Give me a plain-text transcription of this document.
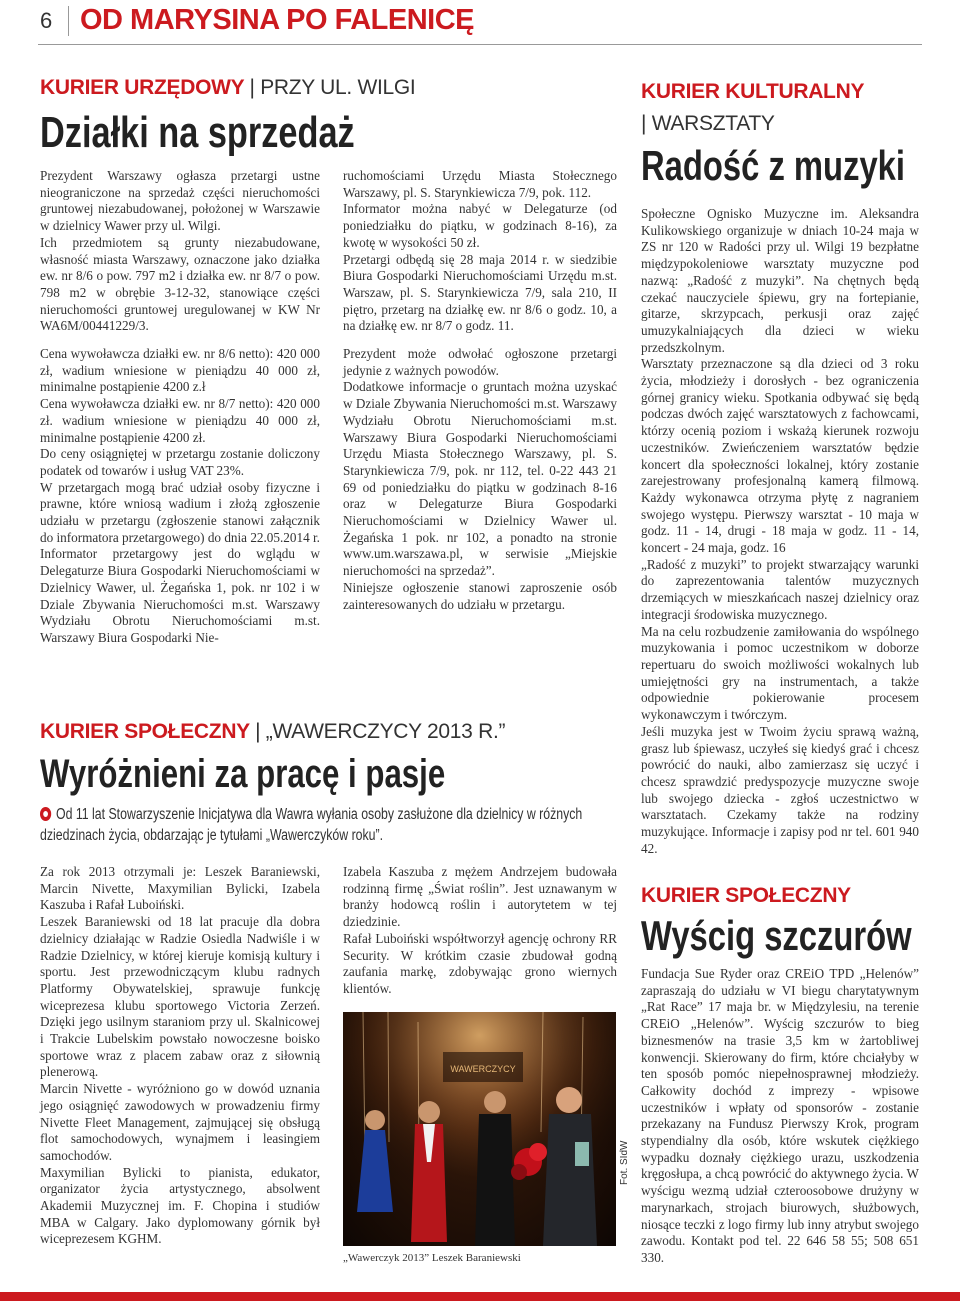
6 OD MARYSINA PO FALENICĘ
KURIER URZĘDOWY | PRZY UL. WILGI
Działki na sprzedaż

Prezydent Warszawy ogłasza przetargi ustne nieograniczone na sprzedaż części nieruchomości gruntowej niezabudowanej, położonej w Warszawie w dzielnicy Wawer przy ul. Wilgi.

Ich przedmiotem są grunty niezabudowane, własność miasta Warszawy, oznaczone jako działka ew. nr 8/6 o pow. 797 m2 i działka ew. nr 8/7 o pow. 798 m2 w obrębie 3-12-32, stanowiące części nieruchomości gruntowej uregulowanej w KW Nr WA6M/00441229/3.

Cena wywoławcza działki ew. nr 8/6 netto): 420 000 zł, wadium wniesione w pieniądzu 40 000 zł, minimalne postąpienie 4200 z.ł

Cena wywoławcza działki ew. nr 8/7 netto): 420 000 zł. wadium wniesione w pieniądzu 40 000 zł, minimalne postąpienie 4200 zł.

Do ceny osiągniętej w przetargu zostanie doliczony podatek od towarów i usług VAT 23%.

W przetargach mogą brać udział osoby fizyczne i prawne, które wniosą wadium i złożą zgłoszenie udziału w przetargu (zgłoszenie stanowi załącznik do informatora przetargowego) do dnia 22.05.2014 r.

Informator przetargowy jest do wglądu w Delegaturze Biura Gospodarki Nieruchomościami w Dzielnicy Wawer, ul. Żegańska 1, pok. nr 102 i w Dziale Zbywania Nieruchomości m.st. Warszawy Wydziału Obrotu Nieruchomościami m.st. Warszawy Biura Gospodarki Nie-

ruchomościami Urzędu Miasta Stołecznego Warszawy, pl. S. Starynkiewicza 7/9, pok. 112.

Informator można nabyć w Delegaturze (od poniedziałku do piątku, w godzinach 8-16), za kwotę w wysokości 50 zł.

Przetargi odbędą się 28 maja 2014 r. w siedzibie Biura Gospodarki Nieruchomościami Urzędu m.st. Warszaw, pl. S. Starynkiewicza 7/9, sala 210, II piętro, przetarg na działkę ew. nr 8/6 o godz. 10, a na działkę ew. nr 8/7 o godz. 11.

Prezydent może odwołać ogłoszone przetargi jedynie z ważnych powodów.

Dodatkowe informacje o gruntach można uzyskać w Dziale Zbywania Nieruchomości m.st. Warszawy Wydziału Obrotu Nieruchomościami m.st. Warszawy Biura Gospodarki Nieruchomościami Urzędu Miasta Stołecznego Warszawy, pl. S. Starynkiewicza 7/9, pok. nr 112, tel. 0-22 443 21 69 od poniedziałku do piątku w godzinach 8-16 oraz w Delegaturze Biura Gospodarki Nieruchomościami w Dzielnicy Wawer ul. Żegańska 1 pok. nr 102, a ponadto na stronie www.um.warszawa.pl, w serwisie „Miejskie nieruchomości na sprzedaż”.

Niniejsze ogłoszenie stanowi zaproszenie osób zainteresowanych do udziału w przetargu.

KURIER SPOŁECZNY | „WAWERCZYCY 2013 R.”
Wyróżnieni za pracę i pasje
Od 11 lat Stowarzyszenie Inicjatywa dla Wawra wyłania osoby zasłużone dla dzielnicy w różnych dziedzinach życia, obdarzając je tytułami „Wawerczyków roku”.

Za rok 2013 otrzymali je: Leszek Baraniewski, Marcin Nivette, Maxymilian Bylicki, Izabela Kaszuba i Rafał Luboiński.

Leszek Baraniewski od 18 lat pracuje dla dobra dzielnicy działając w Radzie Osiedla Nadwiśle i w Radzie Dzielnicy, w której kieruje komisją kultury i sportu. Jest przewodniczącym klubu radnych Platformy Obywatelskiej, sprawuje funkcję wiceprezesa klubu sportowego Victoria Zerzeń. Dzięki jego usilnym staraniom przy ul. Skalnicowej i Trakcie Lubelskim powstało nowoczesne boisko sportowe wraz z placem zabaw oraz z siłownią plenerową.

Marcin Nivette - wyróżniono go w dowód uznania jego osiągnięć zawodowych w prowadzeniu firmy Nivette Fleet Management, zajmującej się obsługą flot samochodowych, wynajmem i leasingiem samochodów.

Maxymilian Bylicki to pianista, edukator, organizator życia artystycznego, absolwent Akademii Muzycznej im. F. Chopina i studiów MBA w Calgary. Jako dyplomowany górnik był wiceprezesem KGHM.

Izabela Kaszuba z mężem Andrzejem budowała rodzinną firmę „Świat roślin”. Jest uznawanym w branży hodowcą roślin i autorytetem w tej dziedzinie.

Rafał Luboiński współtworzył agencję ochrony RR Security. W krótkim czasie zbudował godną zaufania markę, zdobywając grono wiernych klientów.

WAWERCZYCY
„Wawerczyk 2013” Leszek Baraniewski
Fot. SIdW
KURIER KULTURALNY
| WARSZTATY
Radość z muzyki

Społeczne Ognisko Muzyczne im. Aleksandra Kulikowskiego organizuje w dniach 10-24 maja w ZS nr 120 w Radości przy ul. Wilgi 19 bezpłatne międzypokoleniowe warsztaty muzyczne pod nazwą: „Radość z muzyki”. Na chętnych będą czekać nauczyciele śpiewu, gry na fortepianie, gitarze, skrzypcach, perkusji oraz zajęć umuzykalniających dla dzieci w wieku przedszkolnym.

Warsztaty przeznaczone są dla dzieci od 3 roku życia, młodzieży i dorosłych - bez ograniczenia górnej granicy wieku. Spotkania odbywać się będą podczas dwóch zajęć warsztatowych z fachowcami, którzy ocenią poziom i wskażą kierunek rozwoju uczestników. Zwieńczeniem warsztatów będzie koncert dla społeczności lokalnej, który zostanie zarejestrowany profesjonalną kamerą filmową. Każdy wykonawca otrzyma płytę z nagraniem swojego występu. Pierwszy warsztat - 10 maja w godz. 11 - 14, drugi - 18 maja w godz. 11 - 14, koncert - 24 maja, godz. 16

„Radość z muzyki” to projekt stwarzający warunki do zaprezentowania talentów muzycznych drzemiących w mieszkańcach naszej dzielnicy oraz integracji środowiska muzycznego.

Ma na celu rozbudzenie zamiłowania do wspólnego muzykowania i pomoc uczestnikom w doborze repertuaru do swoich możliwości wokalnych lub umiejętności gry na instrumentach, a także odpowiednie pokierowanie procesem wykonawczym i twórczym.

Jeśli muzyka jest w Twoim życiu sprawą ważną, grasz lub śpiewasz, uczyłeś się kiedyś grać i chcesz powrócić do nauki, albo zamierzasz się uczyć i chcesz sprawdzić predyspozycje muzyczne swoje lub swojego dziecka - zgłoś uczestnictwo w warsztatach. Czekamy także na rodziny muzykujące. Informacje i zapisy pod nr tel. 601 940 42.

KURIER SPOŁECZNY
Wyścig szczurów

Fundacja Sue Ryder oraz CREiO TPD „Helenów” zapraszają do udziału w VI biegu charytatywnym „Rat Race” 17 maja br. w Międzylesiu, na terenie CREiO „Helenów”. Wyścig szczurów to bieg biznesmenów na trasie 3,5 km w żartobliwej konwencji. Skierowany do firm, które chciałyby w ten sposób pomóc niepełnosprawnej młodzieży. Całkowity dochód z imprezy - wpisowe uczestników i wpłaty od sponsorów - zostanie przekazany na Fundusz Pierwszy Krok, program stypendialny dla osób, które wskutek ciężkiego wypadku doznały ciężkiego urazu, uszkodzenia kręgosłupa, a chcą powrócić do aktywnego życia. W wyścigu wezmą udział czteroosobowe drużyny w marynarkach, strojach biurowych, służbowych, niosące teczki z logo firmy lub inny atrybut swojego zawodu. Kontakt pod tel. 22 646 58 55; 508 651 330.
